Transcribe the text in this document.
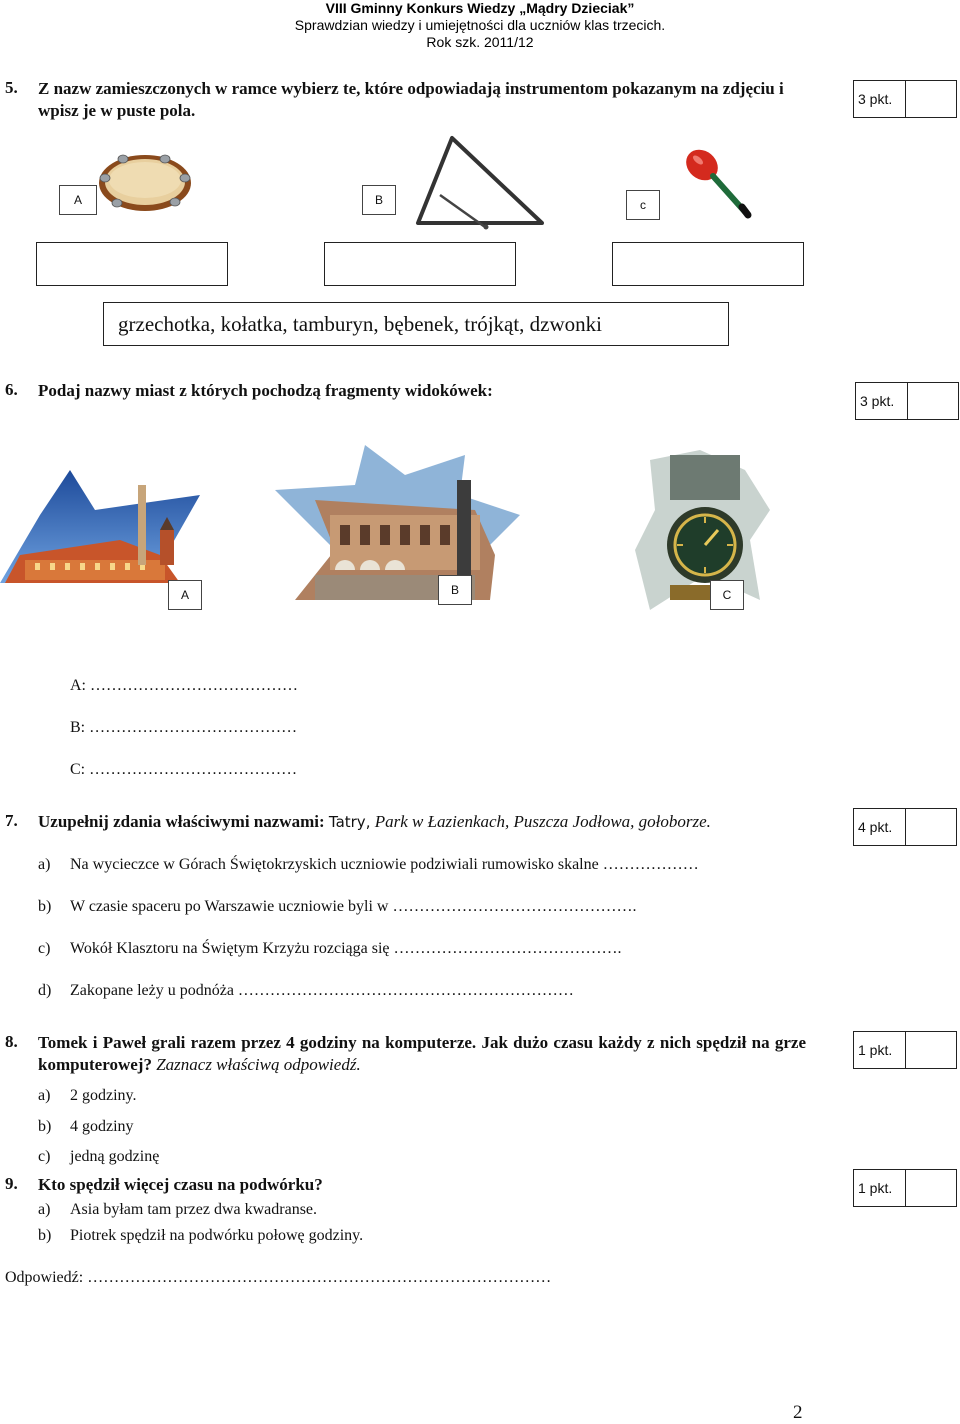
VIII Gminny Konkurs Wiedzy „Mądry Dzieciak”
Sprawdzian wiedzy i umiejętności dla uczniów klas trzecich.
Rok szk. 2011/12
5. Z nazw zamieszczonych w ramce wybierz te, które odpowiadają instrumentom pokazanym na zdjęciu i wpisz je w puste pola.
3 pkt.
A	B	c
grzechotka, kołatka, tamburyn, bębenek, trójkąt, dzwonki
6. Podaj nazwy miast z których pochodzą fragmenty widokówek:
3 pkt.
A	B	C
A: …………………………………
B: …………………………………
C: …………………………………
7. Uzupełnij zdania właściwymi nazwami: Tatry, Park w Łazienkach, Puszcza Jodłowa, gołoborze.	4 pkt.
a) Na wycieczce w Górach Świętokrzyskich uczniowie podziwiali rumowisko skalne ………………
b) W czasie spaceru po Warszawie uczniowie byli w ……………………………………….
c) Wokół Klasztoru na Świętym Krzyżu rozciąga się …………………………………….
d) Zakopane leży u podnóża ………………………………………………………
8. Tomek i Paweł grali razem przez 4 godziny na komputerze. Jak dużo czasu każdy z nich spędził na grze komputerowej? Zaznacz właściwą odpowiedź.
1 pkt.
a) 2 godziny.
b) 4 godziny
c) jedną godzinę
9. Kto spędził więcej czasu na podwórku?	1 pkt.
a) Asia byłam tam przez dwa kwadranse.
b) Piotrek spędził na podwórku połowę godziny.
Odpowiedź: ……………………………………………………………………………
2
